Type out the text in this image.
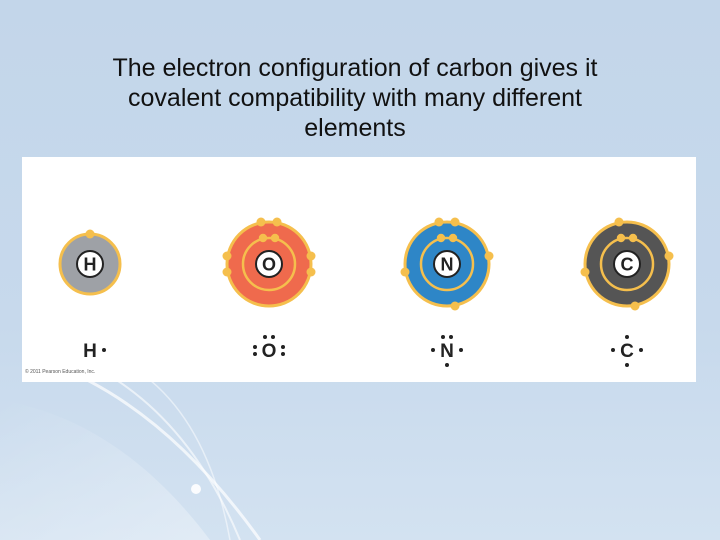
The electron configuration of carbon gives it
covalent compatibility with many different
elements
H
H
O
O
N
N
C
C
© 2011 Pearson Education, Inc.
